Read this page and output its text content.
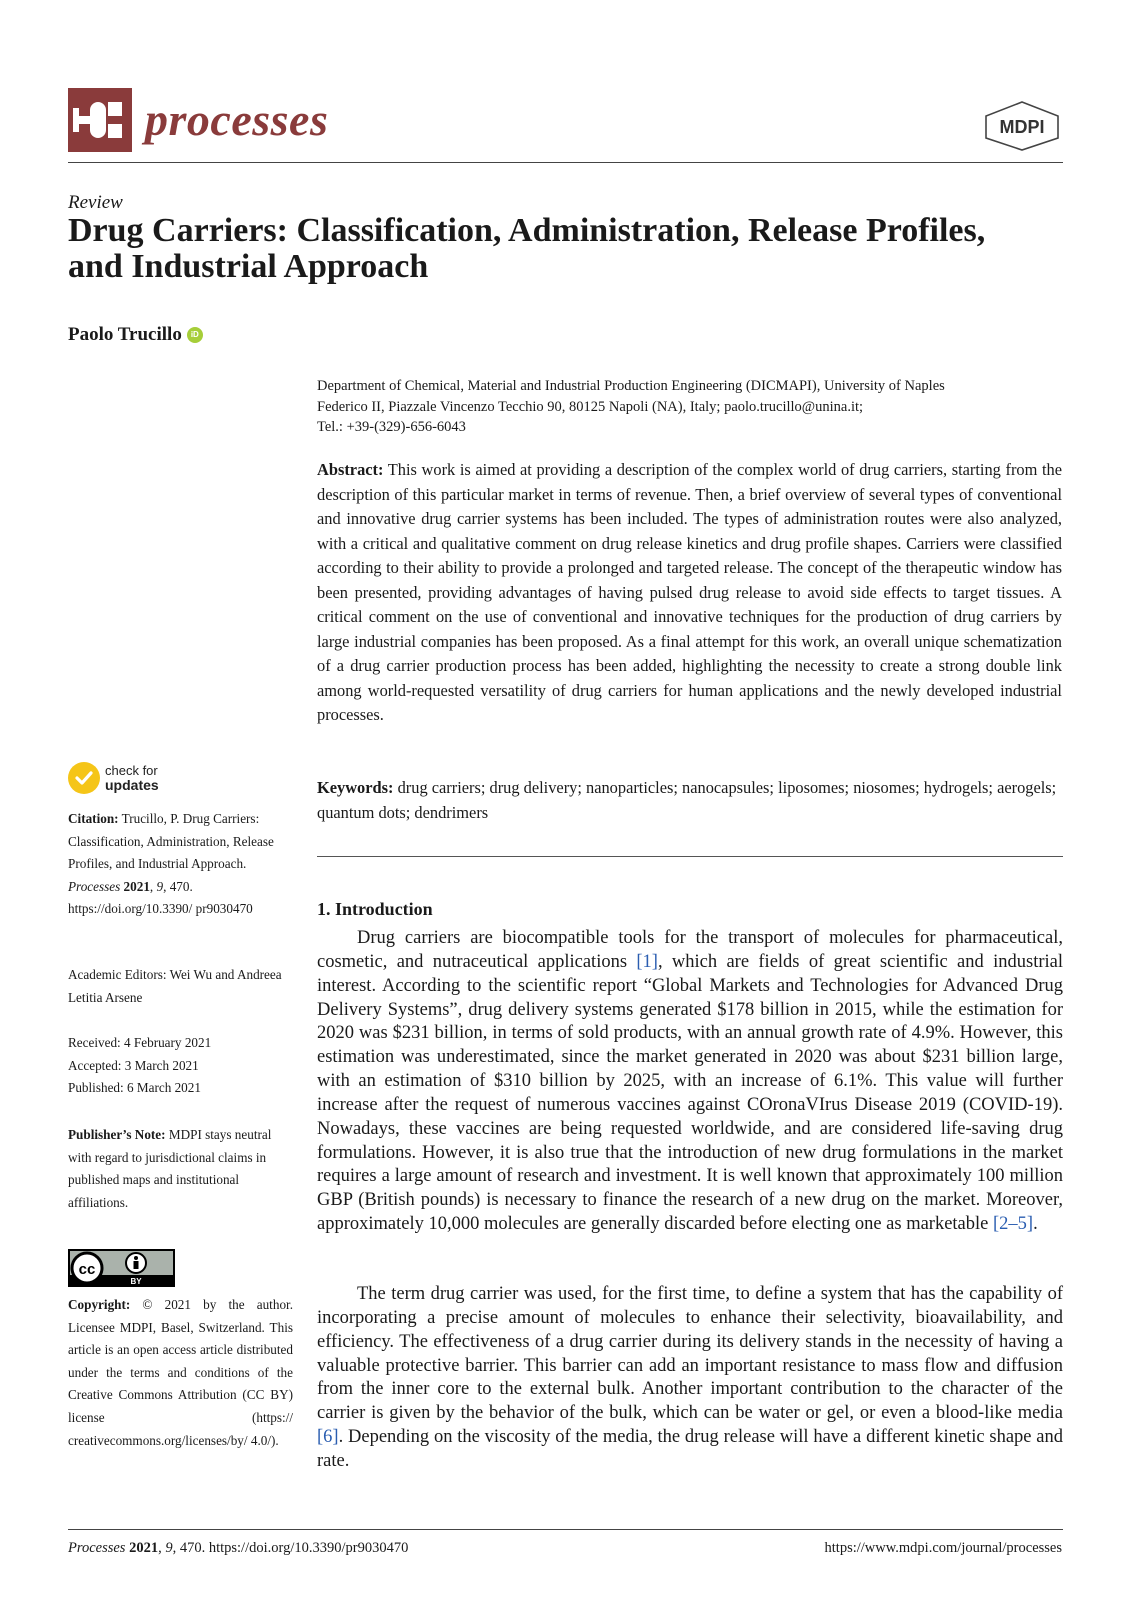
processes	MDPI
Review
Drug Carriers: Classification, Administration, Release Profiles,
and Industrial Approach
Paolo Trucillo	iD
Department of Chemical, Material and Industrial Production Engineering (DICMAPI), University of Naples
Federico II, Piazzale Vincenzo Tecchio 90, 80125 Napoli (NA), Italy; paolo.trucillo@unina.it;
Tel.: +39-(329)-656-6043

Abstract: This work is aimed at providing a description of the complex world of drug carriers, starting from the description of this particular market in terms of revenue. Then, a brief overview of several types of conventional and innovative drug carrier systems has been included. The types of administration routes were also analyzed, with a critical and qualitative comment on drug release kinetics and drug profile shapes. Carriers were classified according to their ability to provide a prolonged and targeted release. The concept of the therapeutic window has been presented, providing advantages of having pulsed drug release to avoid side effects to target tissues. A critical comment on the use of conventional and innovative techniques for the production of drug carriers by large industrial companies has been proposed. As a final attempt for this work, an overall unique schematization of a drug carrier production process has been added, highlighting the necessity to create a strong double link among world-requested versatility of drug carriers for human applications and the newly developed industrial processes.

Keywords: drug carriers; drug delivery; nanoparticles; nanocapsules; liposomes; niosomes; hydrogels; aerogels; quantum dots; dendrimers

1. Introduction

Drug carriers are biocompatible tools for the transport of molecules for pharmaceutical, cosmetic, and nutraceutical applications [1], which are fields of great scientific and industrial interest. According to the scientific report “Global Markets and Technologies for Advanced Drug Delivery Systems”, drug delivery systems generated $178 billion in 2015, while the estimation for 2020 was $231 billion, in terms of sold products, with an annual growth rate of 4.9%. However, this estimation was underestimated, since the market generated in 2020 was about $231 billion large, with an estimation of $310 billion by 2025, with an increase of 6.1%. This value will further increase after the request of numerous vaccines against COronaVIrus Disease 2019 (COVID-19). Nowadays, these vaccines are being requested worldwide, and are considered life-saving drug formulations. However, it is also true that the introduction of new drug formulations in the market requires a large amount of research and investment. It is well known that approximately 100 million GBP (British pounds) is necessary to finance the research of a new drug on the market. Moreover, approximately 10,000 molecules are generally discarded before electing one as marketable [2–5].

The term drug carrier was used, for the first time, to define a system that has the capability of incorporating a precise amount of molecules to enhance their selectivity, bioavailability, and efficiency. The effectiveness of a drug carrier during its delivery stands in the necessity of having a valuable protective barrier. This barrier can add an important resistance to mass flow and diffusion from the inner core to the external bulk. Another important contribution to the character of the carrier is given by the behavior of the bulk, which can be water or gel, or even a blood-like media [6]. Depending on the viscosity of the media, the drug release will have a different kinetic shape and rate.

check for
updates

Citation: Trucillo, P. Drug Carriers: Classification, Administration, Release Profiles, and Industrial Approach. Processes 2021, 9, 470. https://doi.org/10.3390/ pr9030470

Academic Editors: Wei Wu and Andreea Letitia Arsene

Received: 4 February 2021
Accepted: 3 March 2021
Published: 6 March 2021

Publisher’s Note: MDPI stays neutral with regard to jurisdictional claims in published maps and institutional affiliations.

cc
BY

Copyright: © 2021 by the author. Licensee MDPI, Basel, Switzerland. This article is an open access article distributed under the terms and conditions of the Creative Commons Attribution (CC BY) license (https:// creativecommons.org/licenses/by/ 4.0/).

Processes 2021, 9, 470. https://doi.org/10.3390/pr9030470	https://www.mdpi.com/journal/processes
